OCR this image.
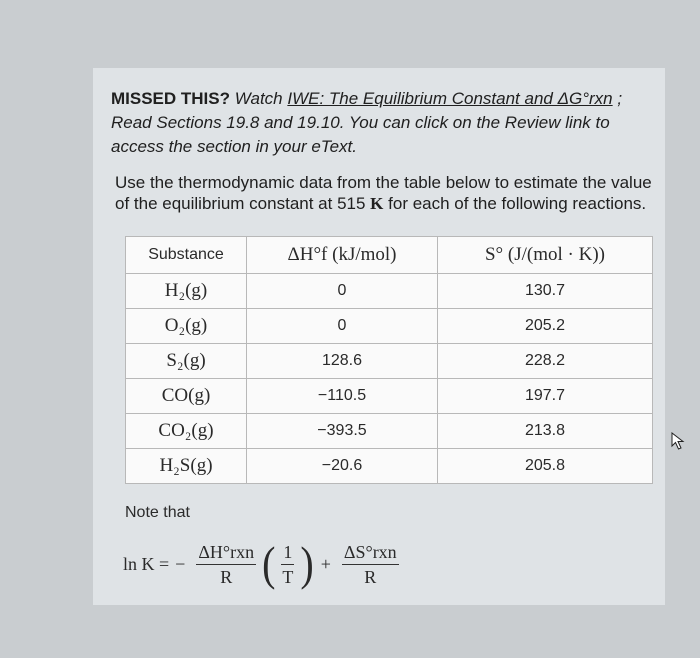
MISSED THIS? Watch IWE: The Equilibrium Constant and ΔG°rxn ; Read Sections 19.8 and 19.10. You can click on the Review link to access the section in your eText.
Use the thermodynamic data from the table below to estimate the value of the equilibrium constant at 515 K for each of the following reactions.
Substance	ΔH°f (kJ/mol)	S° (J/(mol · K))
H₂(g)	0	130.7
O₂(g)	0	205.2
S₂(g)	128.6	228.2
CO(g)	−110.5	197.7
CO₂(g)	−393.5	213.8
H₂S(g)	−20.6	205.8
Note that
ln K = − $\frac{\text{ΔH°rxn}}{R}$ ( $\frac{1}{T}$ ) + $\frac{\text{ΔS°rxn}}{R}$
